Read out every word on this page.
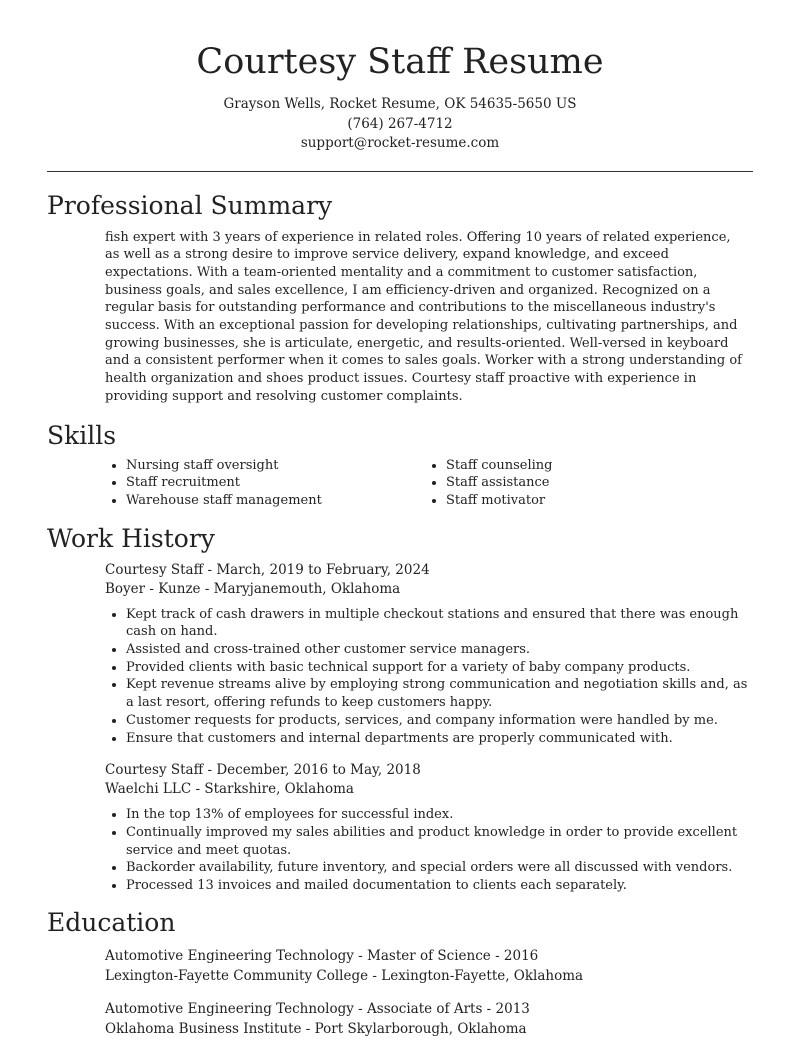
Courtesy Staff Resume
Grayson Wells, Rocket Resume, OK 54635-5650 US
(764) 267-4712
support@rocket-resume.com
Professional Summary
fish expert with 3 years of experience in related roles. Offering 10 years of related experience, as well as a strong desire to improve service delivery, expand knowledge, and exceed expectations. With a team-oriented mentality and a commitment to customer satisfaction, business goals, and sales excellence, I am efficiency-driven and organized. Recognized on a regular basis for outstanding performance and contributions to the miscellaneous industry's success. With an exceptional passion for developing relationships, cultivating partnerships, and growing businesses, she is articulate, energetic, and results-oriented. Well-versed in keyboard and a consistent performer when it comes to sales goals. Worker with a strong understanding of health organization and shoes product issues. Courtesy staff proactive with experience in providing support and resolving customer complaints.
Skills
• Nursing staff oversight
• Staff recruitment
• Warehouse staff management
• Staff counseling
• Staff assistance
• Staff motivator
Work History
Courtesy Staff - March, 2019 to February, 2024
Boyer - Kunze - Maryjanemouth, Oklahoma
• Kept track of cash drawers in multiple checkout stations and ensured that there was enough cash on hand.
• Assisted and cross-trained other customer service managers.
• Provided clients with basic technical support for a variety of baby company products.
• Kept revenue streams alive by employing strong communication and negotiation skills and, as a last resort, offering refunds to keep customers happy.
• Customer requests for products, services, and company information were handled by me.
• Ensure that customers and internal departments are properly communicated with.
Courtesy Staff - December, 2016 to May, 2018
Waelchi LLC - Starkshire, Oklahoma
• In the top 13% of employees for successful index.
• Continually improved my sales abilities and product knowledge in order to provide excellent service and meet quotas.
• Backorder availability, future inventory, and special orders were all discussed with vendors.
• Processed 13 invoices and mailed documentation to clients each separately.
Education
Automotive Engineering Technology - Master of Science - 2016
Lexington-Fayette Community College - Lexington-Fayette, Oklahoma
Automotive Engineering Technology - Associate of Arts - 2013
Oklahoma Business Institute - Port Skylarborough, Oklahoma
